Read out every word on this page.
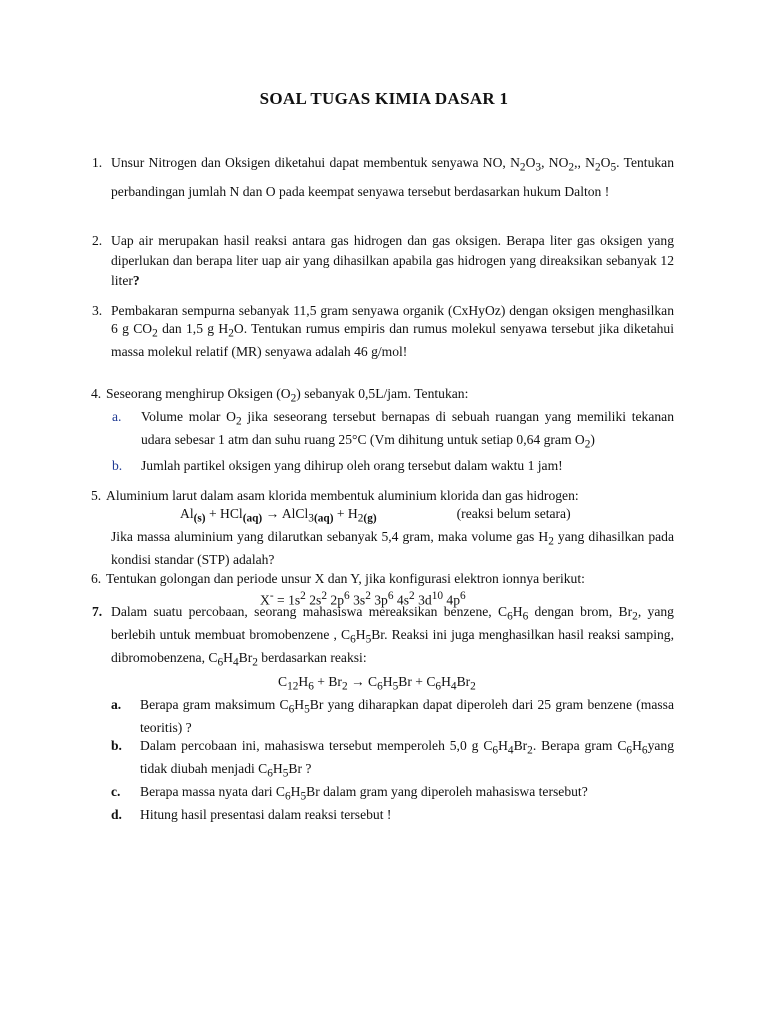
SOAL TUGAS KIMIA DASAR 1
1. Unsur Nitrogen dan Oksigen diketahui dapat membentuk senyawa NO, $N_2O_3$, $NO_2$,, $N_2O_5$. Tentukan perbandingan jumlah N dan O pada keempat senyawa tersebut berdasarkan hukum Dalton !
2. Uap air merupakan hasil reaksi antara gas hidrogen dan gas oksigen. Berapa liter gas oksigen yang diperlukan dan berapa liter uap air yang dihasilkan apabila gas hidrogen yang direaksikan sebanyak 12 liter?
3. Pembakaran sempurna sebanyak 11,5 gram senyawa organik (CxHyOz) dengan oksigen menghasilkan 6 g $CO_2$ dan 1,5 g $H_2O$. Tentukan rumus empiris dan rumus molekul senyawa tersebut jika diketahui massa molekul relatif (MR) senyawa adalah 46 g/mol!
4. Seseorang menghirup Oksigen $(O_2)$ sebanyak 0,5L/jam. Tentukan:
a. Volume molar $O_2$ jika seseorang tersebut bernapas di sebuah ruangan yang memiliki tekanan udara sebesar 1 atm dan suhu ruang 25°C (Vm dihitung untuk setiap 0,64 gram $O_2$)
b. Jumlah partikel oksigen yang dihirup oleh orang tersebut dalam waktu 1 jam!
5. Aluminium larut dalam asam klorida membentuk aluminium klorida dan gas hidrogen:
$Al_{(s)} + HCl_{(aq)}$ → AlCl$_{3(aq)}$ + $H_{2(g)}$	(reaksi belum setara)
Jika massa aluminium yang dilarutkan sebanyak 5,4 gram, maka volume gas $H_2$ yang dihasilkan pada kondisi standar (STP) adalah?
6. Tentukan golongan dan periode unsur X dan Y, jika konfigurasi elektron ionnya berikut:
$X^- = 1s^2$ $2s^2$ $2p^6$ $3s^2$ $3p^6$ $4s^2$ $3d^{10}$ $4p^6$
7. Dalam suatu percobaan, seorang mahasiswa mereaksikan benzene, $C_6H_6$ dengan brom, $Br_2$, yang berlebih untuk membuat bromobenzene , $C_6H_5Br$. Reaksi ini juga menghasilkan hasil reaksi samping, dibromobenzena, $C_6H_4Br_2$ berdasarkan reaksi:
$C_{12}H_6 + Br_2 \to C_6H_5Br + C_6H_4Br_2$
a. Berapa gram maksimum $C_6H_5Br$ yang diharapkan dapat diperoleh dari 25 gram benzene (massa teoritis) ?
b. Dalam percobaan ini, mahasiswa tersebut memperoleh 5,0 g $C_6H_4Br_2$. Berapa gram $C_6H_6yang$ tidak diubah menjadi $C_6H_5Br$ ?
c. Berapa massa nyata dari $C_6H_5Br$ dalam gram yang diperoleh mahasiswa tersebut?
d. Hitung hasil presentasi dalam reaksi tersebut !
